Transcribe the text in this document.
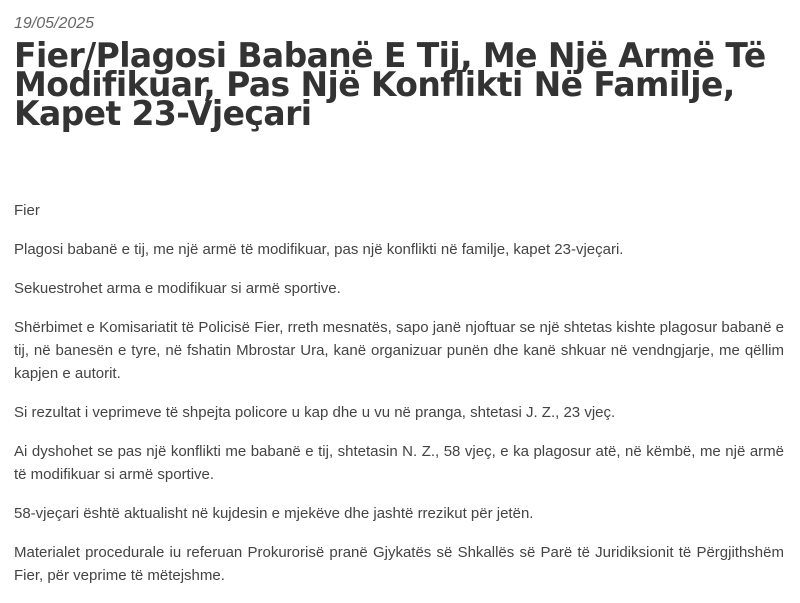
19/05/2025

Fier/Plagosi Babanë E Tij, Me Një Armë Të
Modifikuar, Pas Një Konflikti Në Familje,
Kapet 23-Vjeçari

Fier

Plagosi babanë e tij, me një armë të modifikuar, pas një konflikti në familje, kapet 23-vjeçari.

Sekuestrohet arma e modifikuar si armë sportive.

Shërbimet e Komisariatit të Policisë Fier, rreth mesnatës, sapo janë njoftuar se një shtetas kishte plagosur babanë e tij, në banesën e tyre, në fshatin Mbrostar Ura, kanë organizuar punën dhe kanë shkuar në vendngjarje, me qëllim kapjen e autorit.

Si rezultat i veprimeve të shpejta policore u kap dhe u vu në pranga, shtetasi J. Z., 23 vjeç.

Ai dyshohet se pas një konflikti me babanë e tij, shtetasin N. Z., 58 vjeç, e ka plagosur atë, në këmbë, me një armë të modifikuar si armë sportive.

58-vjeçari është aktualisht në kujdesin e mjekëve dhe jashtë rrezikut për jetën.

Materialet procedurale iu referuan Prokurorisë pranë Gjykatës së Shkallës së Parë të Juridiksionit të Përgjithshëm Fier, për veprime të mëtejshme.
